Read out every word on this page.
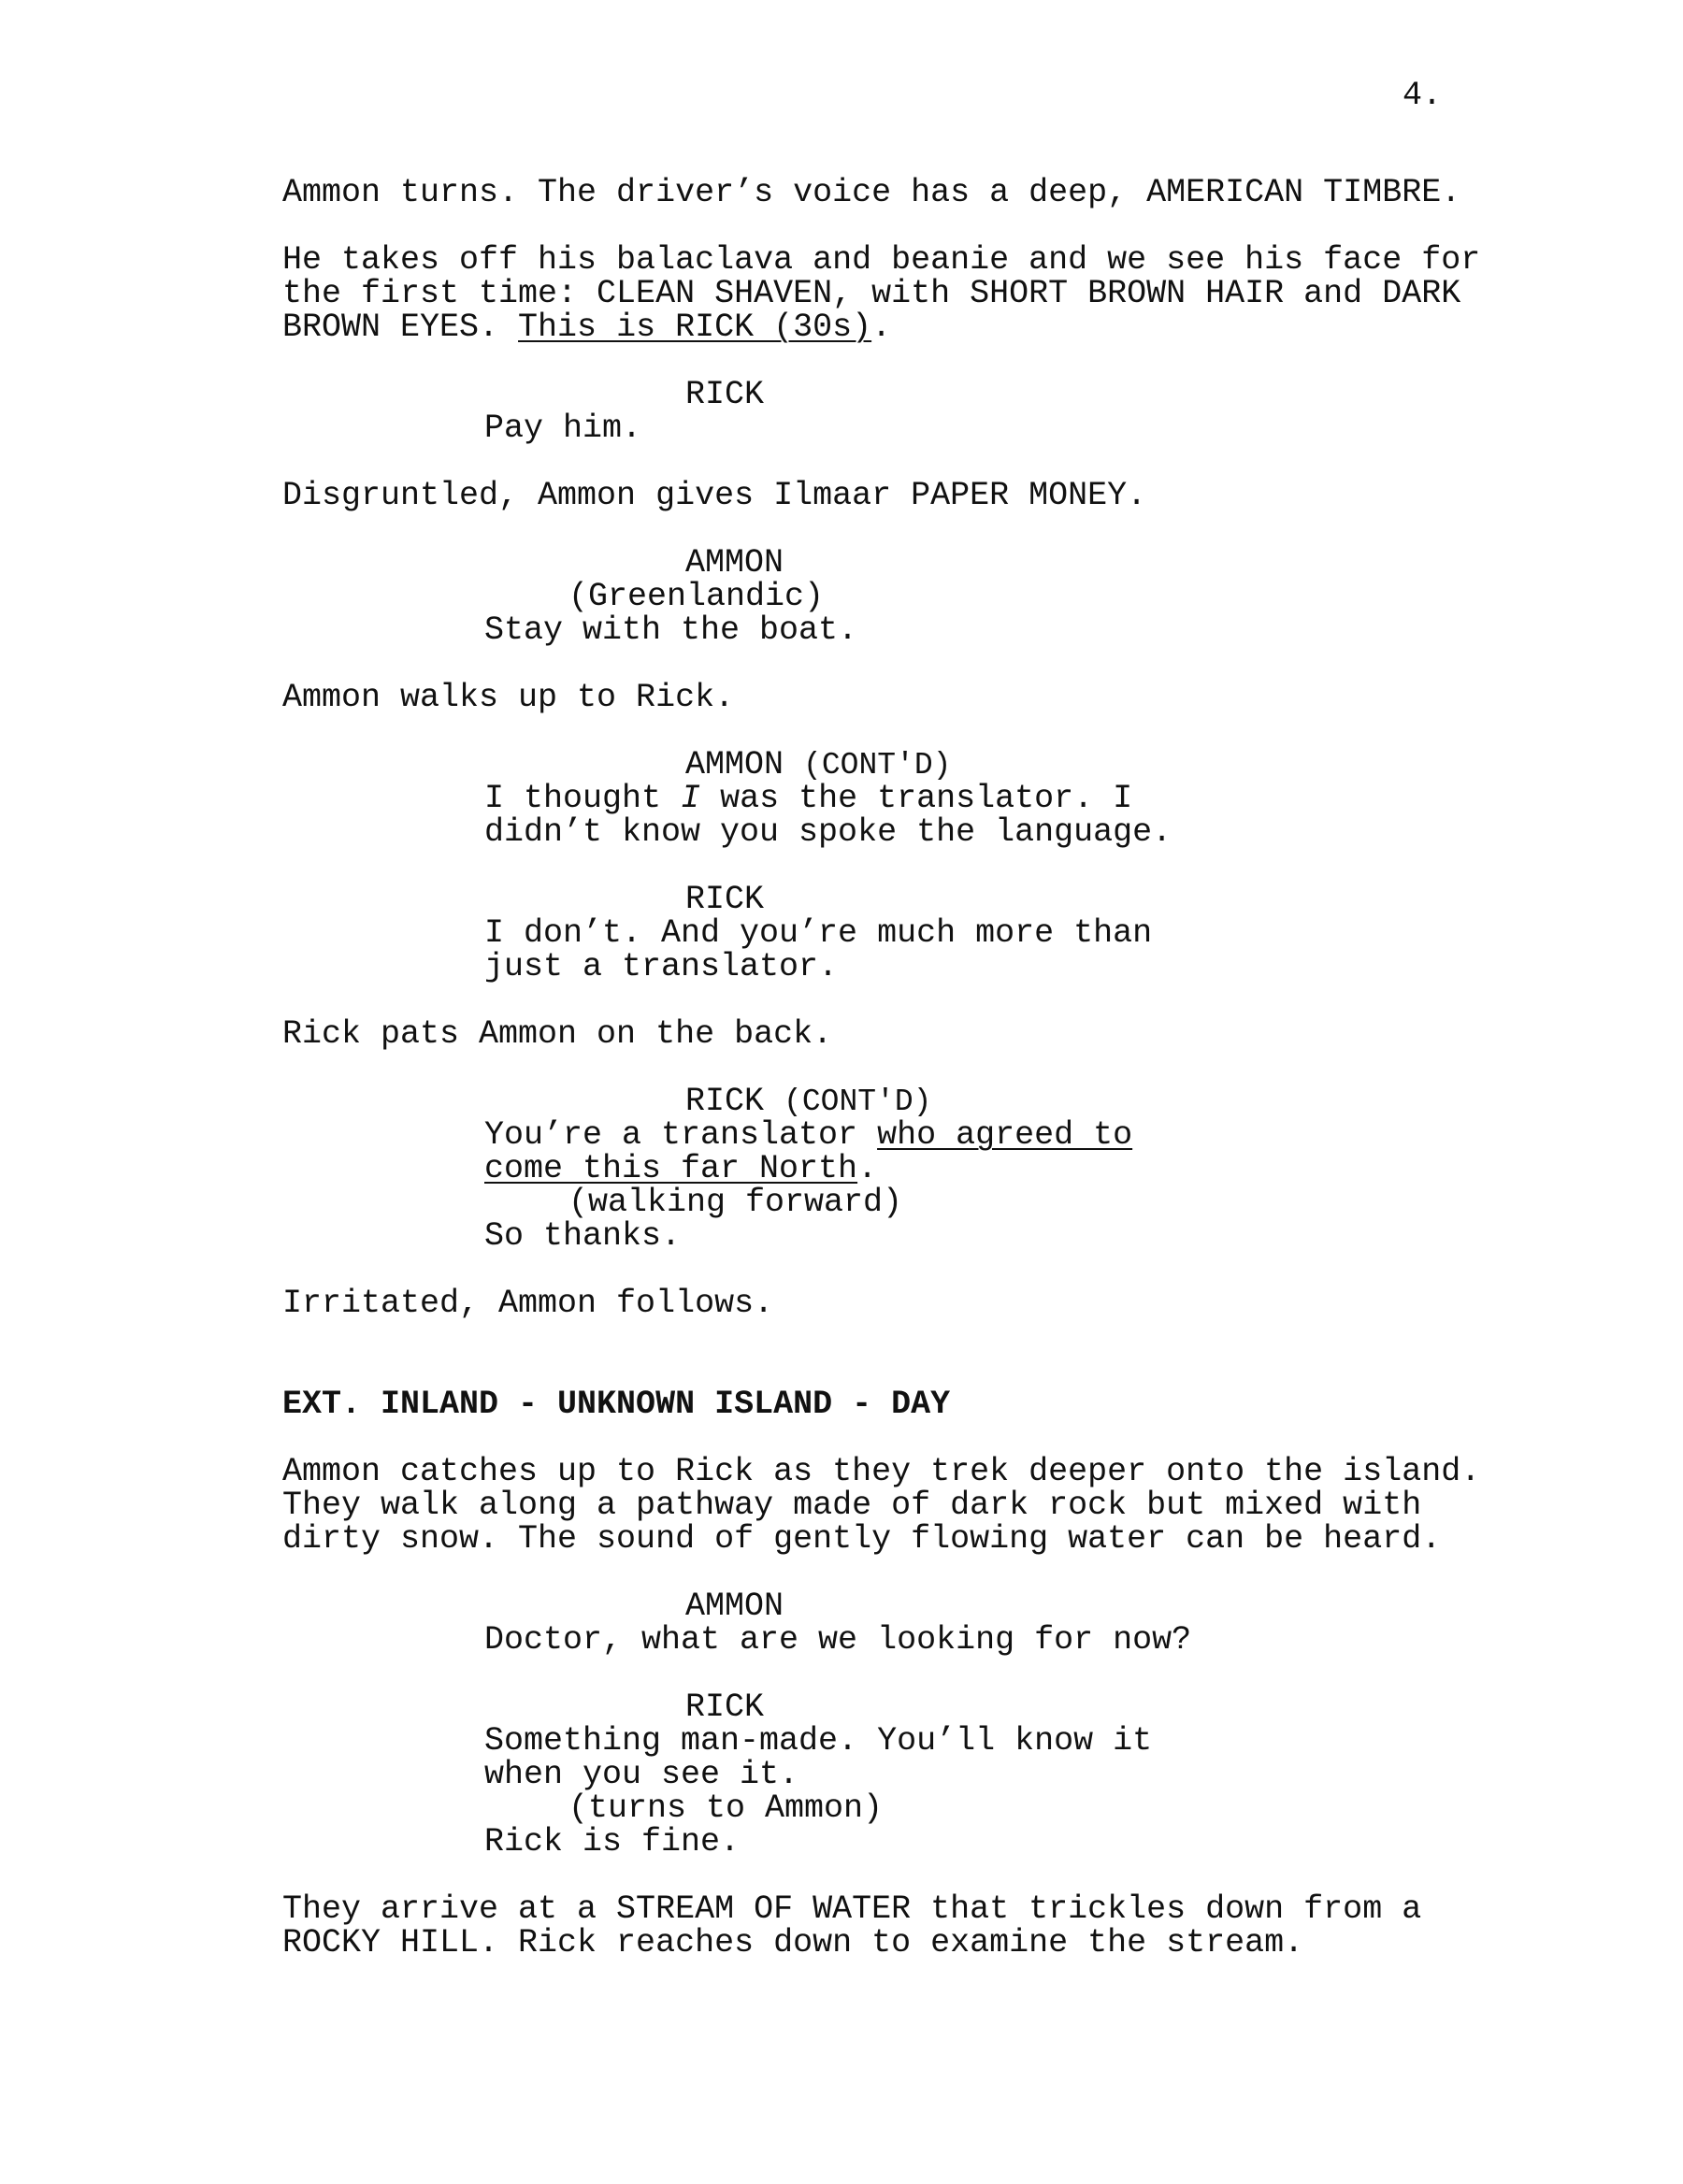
4.
Ammon turns. The driver’s voice has a deep, AMERICAN TIMBRE.
He takes off his balaclava and beanie and we see his face for
the first time: CLEAN SHAVEN, with SHORT BROWN HAIR and DARK
BROWN EYES. This is RICK (30s).
RICK
Pay him.
Disgruntled, Ammon gives Ilmaar PAPER MONEY.
AMMON
(Greenlandic)
Stay with the boat.
Ammon walks up to Rick.
AMMON (CONT'D)
I thought I was the translator. I
didn’t know you spoke the language.
RICK
I don’t. And you’re much more than
just a translator.
Rick pats Ammon on the back.
RICK (CONT'D)
You’re a translator who agreed to
come this far North.
(walking forward)
So thanks.
Irritated, Ammon follows.
EXT. INLAND - UNKNOWN ISLAND - DAY
Ammon catches up to Rick as they trek deeper onto the island.
They walk along a pathway made of dark rock but mixed with
dirty snow. The sound of gently flowing water can be heard.
AMMON
Doctor, what are we looking for now?
RICK
Something man-made. You’ll know it
when you see it.
(turns to Ammon)
Rick is fine.
They arrive at a STREAM OF WATER that trickles down from a
ROCKY HILL. Rick reaches down to examine the stream.
